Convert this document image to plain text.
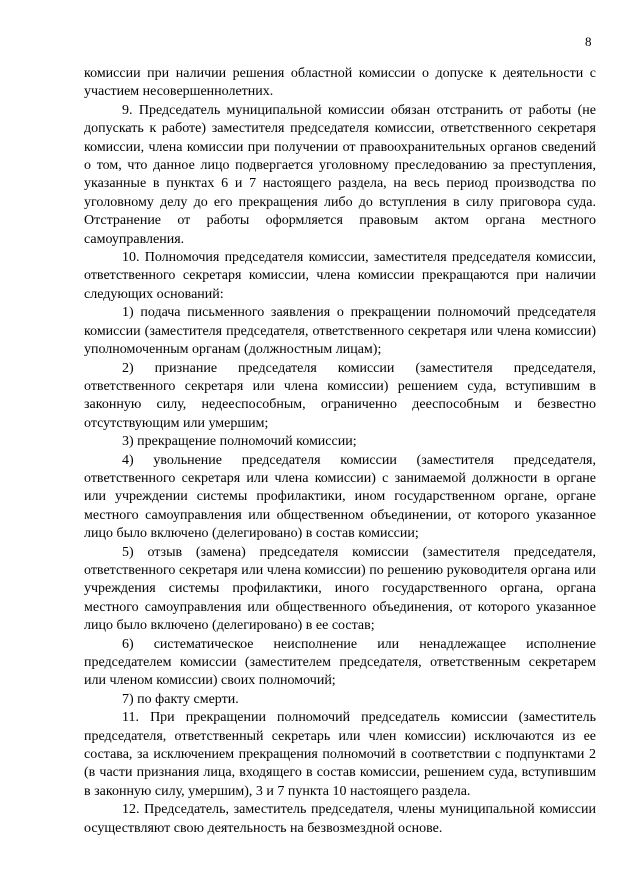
8

комиссии при наличии решения областной комиссии о допуске к деятельности с участием несовершеннолетних.

9. Председатель муниципальной комиссии обязан отстранить от работы (не допускать к работе) заместителя председателя комиссии, ответственного секретаря комиссии, члена комиссии при получении от правоохранительных органов сведений о том, что данное лицо подвергается уголовному преследованию за преступления, указанные в пунктах 6 и 7 настоящего раздела, на весь период производства по уголовному делу до его прекращения либо до вступления в силу приговора суда. Отстранение от работы оформляется правовым актом органа местного самоуправления.

10. Полномочия председателя комиссии, заместителя председателя комиссии, ответственного секретаря комиссии, члена комиссии прекращаются при наличии следующих оснований:

1) подача письменного заявления о прекращении полномочий председателя комиссии (заместителя председателя, ответственного секретаря или члена комиссии) уполномоченным органам (должностным лицам);

2) признание председателя комиссии (заместителя председателя, ответственного секретаря или члена комиссии) решением суда, вступившим в законную силу, недееспособным, ограниченно дееспособным и безвестно отсутствующим или умершим;

3) прекращение полномочий комиссии;

4) увольнение председателя комиссии (заместителя председателя, ответственного секретаря или члена комиссии) с занимаемой должности в органе или учреждении системы профилактики, ином государственном органе, органе местного самоуправления или общественном объединении, от которого указанное лицо было включено (делегировано) в состав комиссии;

5) отзыв (замена) председателя комиссии (заместителя председателя, ответственного секретаря или члена комиссии) по решению руководителя органа или учреждения системы профилактики, иного государственного органа, органа местного самоуправления или общественного объединения, от которого указанное лицо было включено (делегировано) в ее состав;

6) систематическое неисполнение или ненадлежащее исполнение председателем комиссии (заместителем председателя, ответственным секретарем или членом комиссии) своих полномочий;

7) по факту смерти.

11. При прекращении полномочий председатель комиссии (заместитель председателя, ответственный секретарь или член комиссии) исключаются из ее состава, за исключением прекращения полномочий в соответствии с подпунктами 2 (в части признания лица, входящего в состав комиссии, решением суда, вступившим в законную силу, умершим), 3 и 7 пункта 10 настоящего раздела.

12. Председатель, заместитель председателя, члены муниципальной комиссии осуществляют свою деятельность на безвозмездной основе.
